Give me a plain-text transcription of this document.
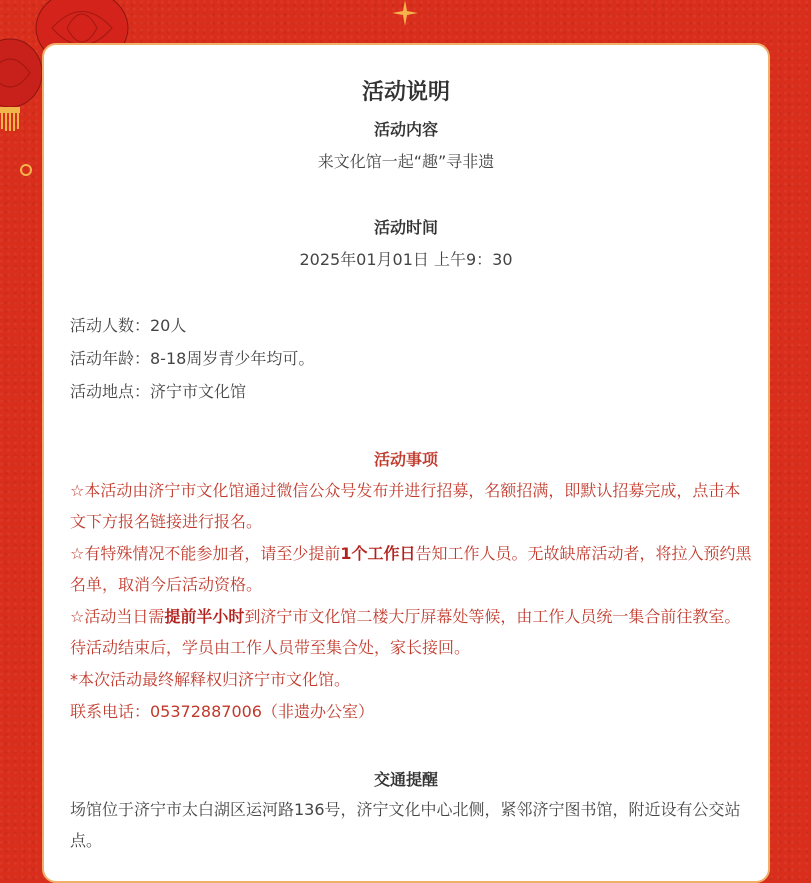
活动说明
活动内容
来文化馆一起“趣”寻非遗
活动时间
2025年01月01日 上午9：30
活动人数：20人
活动年龄：8-18周岁青少年均可。
活动地点：济宁市文化馆
活动事项
☆本活动由济宁市文化馆通过微信公众号发布并进行招募，名额招满，即默认招募完成，点击本文下方报名链接进行报名。
☆有特殊情况不能参加者，请至少提前1个工作日告知工作人员。无故缺席活动者，将拉入预约黑名单，取消今后活动资格。
☆活动当日需提前半小时到济宁市文化馆二楼大厅屏幕处等候，由工作人员统一集合前往教室。待活动结束后，学员由工作人员带至集合处，家长接回。
*本次活动最终解释权归济宁市文化馆。
联系电话：05372887006（非遗办公室）
交通提醒
场馆位于济宁市太白湖区运河路136号，济宁文化中心北侧，紧邻济宁图书馆，附近设有公交站点。
